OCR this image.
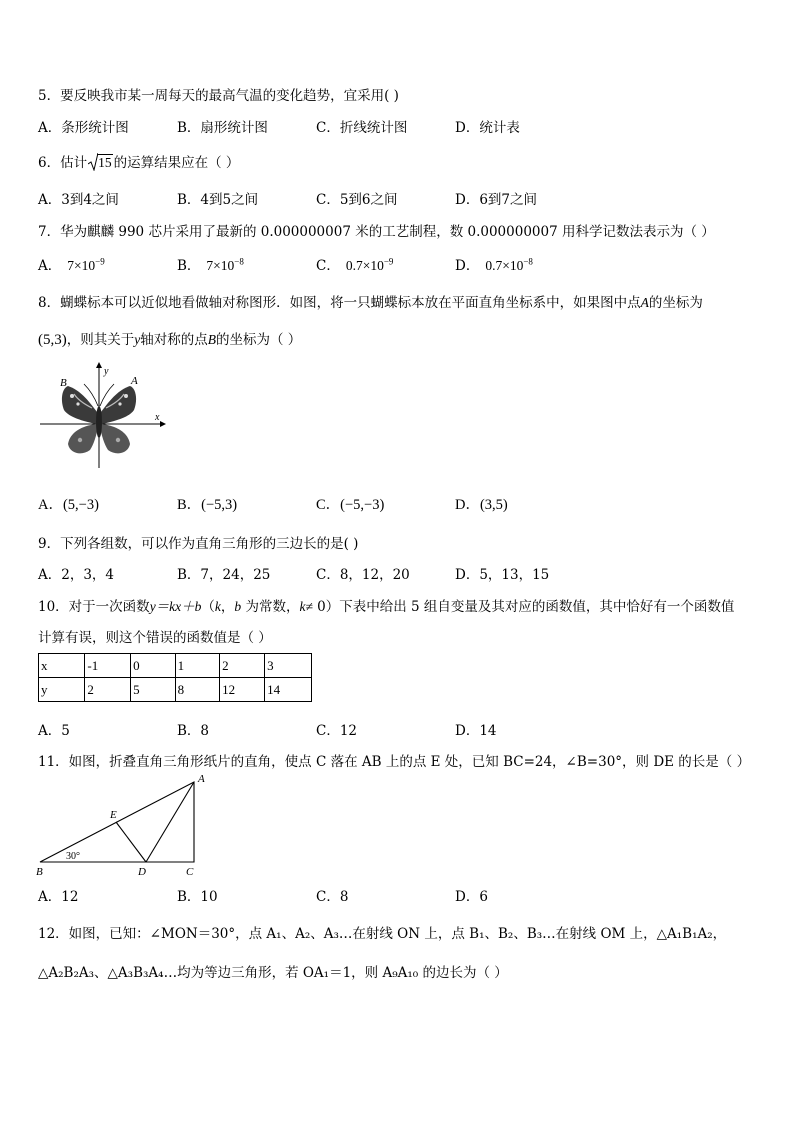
5．要反映我市某一周每天的最高气温的变化趋势，宜采用( )
A．条形统计图	B．扇形统计图	C．折线统计图	D．统计表
6．估计 15 的运算结果应在（ ）
A．3到4之间	B．4到5之间	C．5到6之间	D．6到7之间
7．华为麒麟 990 芯片采用了最新的 0.000000007 米的工艺制程，数 0.000000007 用科学记数法表示为（ ）
A． $7\times 10^{-9}$	B． $7\times 10^{-8}$	C． $0.7\times 10^{-9}$	D． $0.7\times 10^{-8}$
8．蝴蝶标本可以近似地看做轴对称图形．如图，将一只蝴蝶标本放在平面直角坐标系中，如果图中点A的坐标为
(5,3)，则其关于y轴对称的点B的坐标为（ ）
B	A
y
x
A．(5,−3)	B．(−5,3)	C．(−5,−3)	D．(3,5)
9．下列各组数，可以作为直角三角形的三边长的是( )
A．2，3，4	B．7，24，25	C．8，12，20	D．5，13，15
10．对于一次函数y＝kx＋b（k，b 为常数，k≠ 0）下表中给出 5 组自变量及其对应的函数值，其中恰好有一个函数值
计算有误，则这个错误的函数值是（ ）
x	-1	0	1	2	3
y	2	5	8	12	14
A．5	B．8	C．12	D．14
11．如图，折叠直角三角形纸片的直角，使点 C 落在 AB 上的点 E 处，已知 BC=24，∠B=30°，则 DE 的长是（ ）
A
E
B	D	C
30°
A．12	B．10	C．8	D．6
12．如图，已知：∠MON＝30°，点 A₁、A₂、A₃…在射线 ON 上，点 B₁、B₂、B₃…在射线 OM 上，△A₁B₁A₂，
△A₂B₂A₃、△A₃B₃A₄…均为等边三角形，若 OA₁＝1，则 A₉A₁₀ 的边长为（ ）
